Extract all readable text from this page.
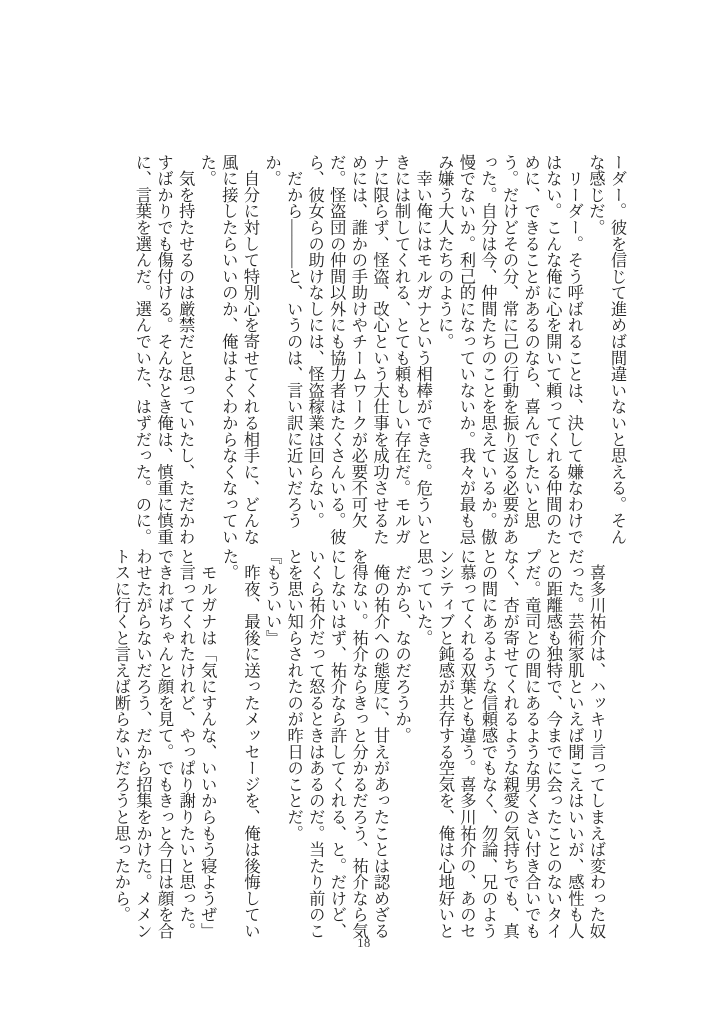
ーダー。彼を信じて進めば間違いないと思える。そんな感じだ。

　リーダー。そう呼ばれることは、決して嫌なわけではない。こんな俺に心を開いて頼ってくれる仲間のために、できることがあるのなら、喜んでしたいと思う。だけどその分、常に己の行動を振り返る必要があった。自分は今、仲間たちのことを思えているか。傲慢でないか。利己的になっていないか。我々が最も忌み嫌う大人たちのように。

　幸い俺にはモルガナという相棒ができた。危ういときには制してくれる、とても頼もしい存在だ。モルガナに限らず、怪盗、改心という大仕事を成功させるためには、誰かの手助けやチームワークが必要不可欠だ。怪盗団の仲間以外にも協力者はたくさんいる。彼ら、彼女らの助けなしには、怪盗稼業は回らない。

　だから―――と、いうのは、言い訳に近いだろうか。

　自分に対して特別心を寄せてくれる相手に、どんな風に接したらいいのか、俺はよくわからなくなっていた。

　気を持たせるのは厳禁だと思っていたし、ただかわすばかりでも傷付ける。そんなとき俺は、慎重に慎重に、言葉を選んだ。選んでいた、はずだった。のに。

　喜多川祐介は、ハッキリ言ってしまえば変わった奴だった。芸術家肌といえば聞こえはいいが、感性も人との距離感も独特で、今までに会ったことのないタイプだ。竜司との間にあるような男くさい付き合いでもなく、杏が寄せてくれるような親愛の気持ちでも、真との間にあるような信頼感でもなく、勿論、兄のように慕ってくれる双葉とも違う。喜多川祐介の、あのセンシティブと鈍感が共存する空気を、俺は心地好いと思っていた。

　だから、なのだろうか。

　俺の祐介への態度に、甘えがあったことは認めざるを得ない。祐介ならきっと分かるだろう、祐介なら気にしないはず、祐介なら許してくれる、と。だけど、いくら祐介だって怒るときはあるのだ。当たり前のことを思い知らされたのが昨日のことだ。

『もういい』

　昨夜、最後に送ったメッセージを、俺は後悔していた。

　モルガナは「気にすんな、いいからもう寝ようぜ」と言ってくれたけれど、やっぱり謝りたいと思った。できればちゃんと顔を見て。でもきっと今日は顔を合わせたがらないだろう、だから招集をかけた。メメントスに行くと言えば断らないだろうと思ったから。

18
